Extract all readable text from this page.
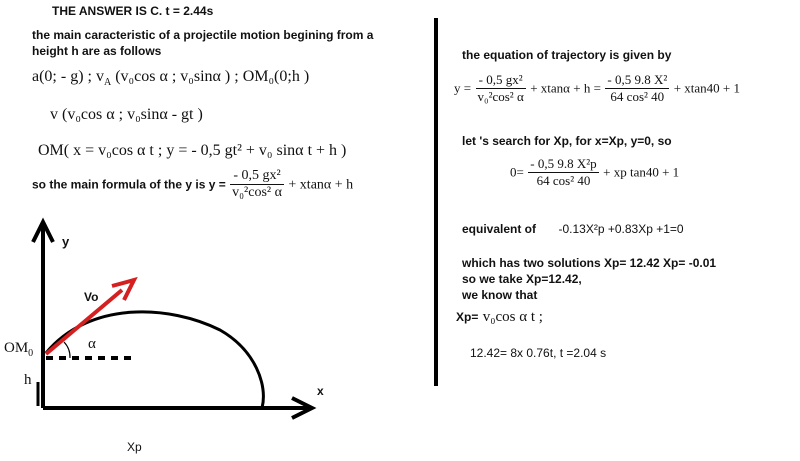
THE ANSWER IS C. t = 2.44s
the main caracteristic of a projectile motion begining from a
height h are as follows
a(0; - g) ; $v_A$ (v₀cos α ; v₀sinα ) ; OM₀(0;h )
v (v₀cos α ; v₀sinα - gt )
OM( x = v₀cos α t ; y = - 0,5 gt² + v₀ sinα t + h )
so the main formula of the y is $y = \frac{\text{- 0,5 gx²}}{\text{v₀²cos² α}} + xtan\alpha + h$
the equation of trajectory is given by
$y = \frac{\text{- 0,5 gx²}}{\text{v₀²cos² α}} + xtan\alpha + h = \frac{\text{- 0,5 9.8 X²}}{\text{64 cos² 40}} + xtan40 + 1$
let 's search for Xp, for x=Xp, y=0, so
$0= \frac{\text{- 0,5 9.8 X²p}}{\text{64 cos² 40}}$ + xp tan40 + 1
equivalent of -0.13X²p +0.83Xp +1=0
which has two solutions Xp= 12.42 Xp= -0.01
so we take Xp=12.42,
we know that
Xp= v₀cos α t ;
12.42= 8x 0.76t, t =2.04 s
y
x
Vo
α
$OM_0$
h
Xp
